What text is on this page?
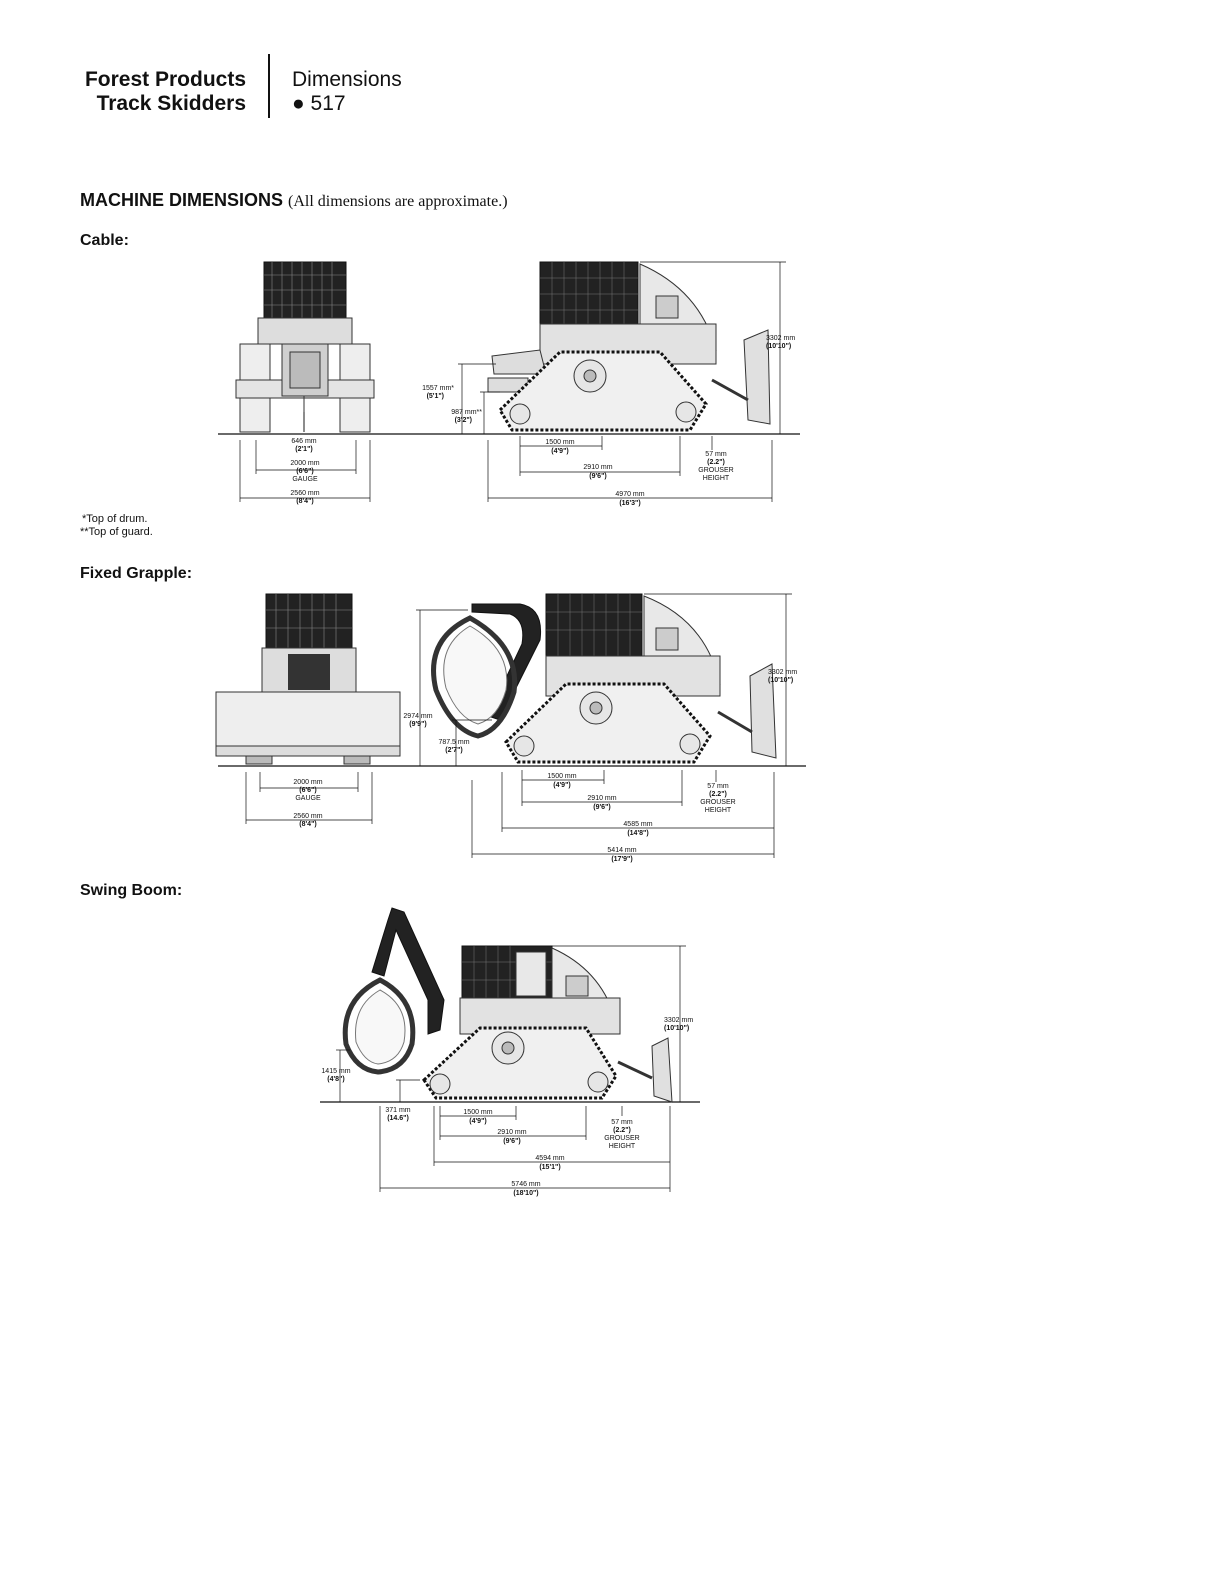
Forest Products
Track Skidders
Dimensions
● 517
MACHINE DIMENSIONS (All dimensions are approximate.)
Cable:
646 mm
(2'1")
2000 mm
(6'6")
GAUGE
2560 mm
(8'4")
3302 mm
(10'10")
1557 mm*
(5'1")
987 mm**
(3'2")
1500 mm
(4'9")
2910 mm
(9'6")
57 mm
(2.2")
GROUSER
HEIGHT
4970 mm
(16'3")
*Top of drum.
**Top of guard.
Fixed Grapple:
2000 mm
(6'6")
GAUGE
2560 mm
(8'4")
3302 mm
(10'10")
2974 mm
(9'9")
787.5 mm
(2'7")
1500 mm
(4'9")
2910 mm
(9'6")
57 mm
(2.2")
GROUSER
HEIGHT
4585 mm
(14'8")
5414 mm
(17'9")
Swing Boom:
3302 mm
(10'10")
1415 mm
(4'8")
371 mm
(14.6")
1500 mm
(4'9")
2910 mm
(9'6")
57 mm
(2.2")
GROUSER
HEIGHT
4594 mm
(15'1")
5746 mm
(18'10")
